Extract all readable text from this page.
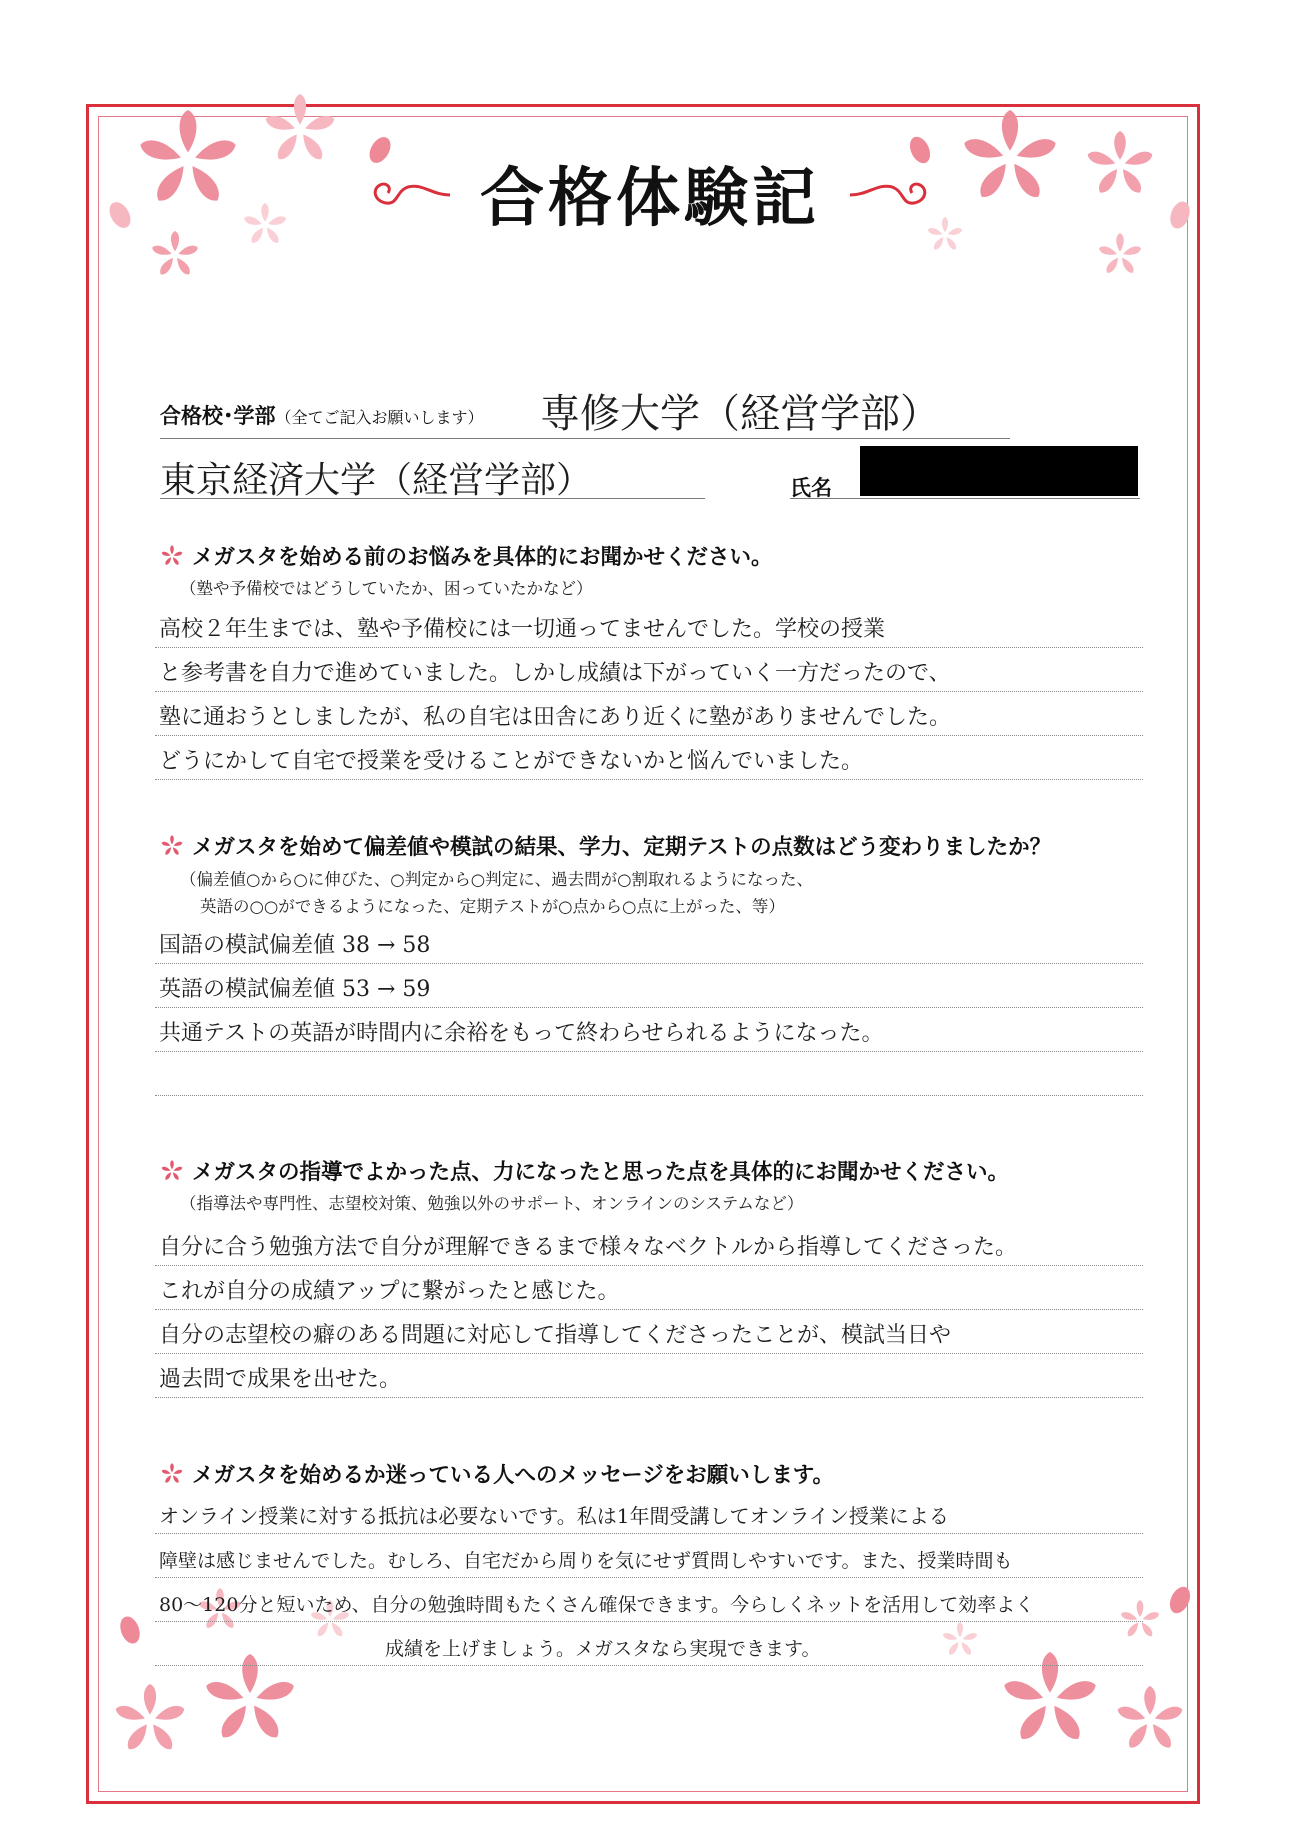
合格体験記
合格校･学部（全てご記入お願いします） 専修大学（経営学部）
東京経済大学（経営学部）	氏名
メガスタを始める前のお悩みを具体的にお聞かせください。
（塾や予備校ではどうしていたか、困っていたかなど）
高校２年生までは、塾や予備校には一切通ってませんでした。学校の授業
と参考書を自力で進めていました。しかし成績は下がっていく一方だったので、
塾に通おうとしましたが、私の自宅は田舎にあり近くに塾がありませんでした。
どうにかして自宅で授業を受けることができないかと悩んでいました。
メガスタを始めて偏差値や模試の結果、学力、定期テストの点数はどう変わりましたか？
（偏差値○から○に伸びた、○判定から○判定に、過去問が○割取れるようになった、
英語の○○ができるようになった、定期テストが○点から○点に上がった、等）
国語の模試偏差値 38 → 58
英語の模試偏差値 53 → 59
共通テストの英語が時間内に余裕をもって終わらせられるようになった。
メガスタの指導でよかった点、力になったと思った点を具体的にお聞かせください。
（指導法や専門性、志望校対策、勉強以外のサポート、オンラインのシステムなど）
自分に合う勉強方法で自分が理解できるまで様々なベクトルから指導してくださった。
これが自分の成績アップに繋がったと感じた。
自分の志望校の癖のある問題に対応して指導してくださったことが、模試当日や
過去問で成果を出せた。
メガスタを始めるか迷っている人へのメッセージをお願いします。
オンライン授業に対する抵抗は必要ないです。私は1年間受講してオンライン授業による
障壁は感じませんでした。むしろ、自宅だから周りを気にせず質問しやすいです。また、授業時間も
80～120分と短いため、自分の勉強時間もたくさん確保できます。今らしくネットを活用して効率よく
成績を上げましょう。メガスタなら実現できます。
